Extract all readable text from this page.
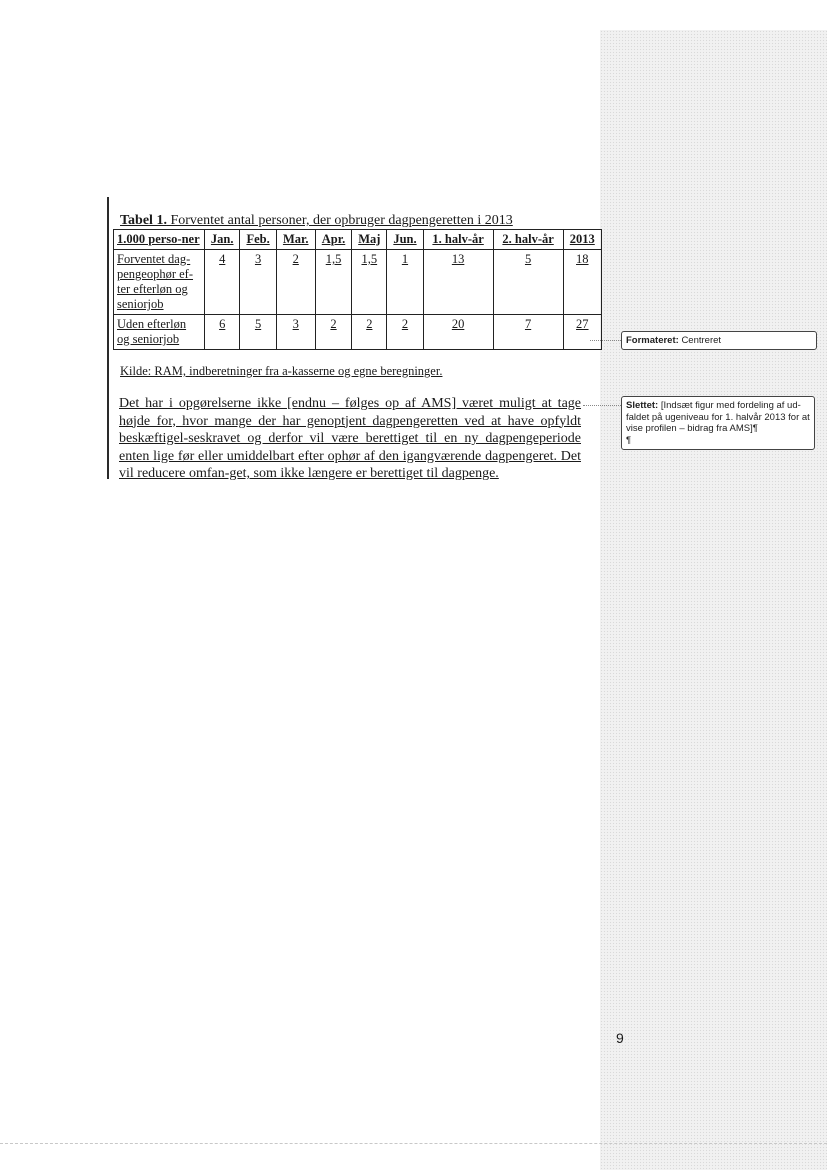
Tabel 1. Forventet antal personer, der opbruger dagpengeretten i 2013
1.000 perso-ner	Jan.	Feb.	Mar.	Apr.	Maj	Jun.	1. halv-år	2. halv-år	2013
Forventet dag-pengeophør ef-ter efterløn og seniorjob	4	3	2	1,5	1,5	1	13	5	18
Uden efterløn og seniorjob	6	5	3	2	2	2	20	7	27
Kilde: RAM, indberetninger fra a-kasserne og egne beregninger.
Det har i opgørelserne ikke [endnu – følges op af AMS] været muligt at tage højde for, hvor mange der har genoptjent dagpengeretten ved at have opfyldt beskæftigel-seskravet og derfor vil være berettiget til en ny dagpengeperiode enten lige før eller umiddelbart efter ophør af den igangværende dagpengeret. Det vil reducere omfan-get, som ikke længere er berettiget til dagpenge.
Formateret: Centreret
Slettet: [Indsæt figur med fordeling af ud-faldet på ugeniveau for 1. halvår 2013 for at vise profilen – bidrag fra AMS]¶
¶
9
